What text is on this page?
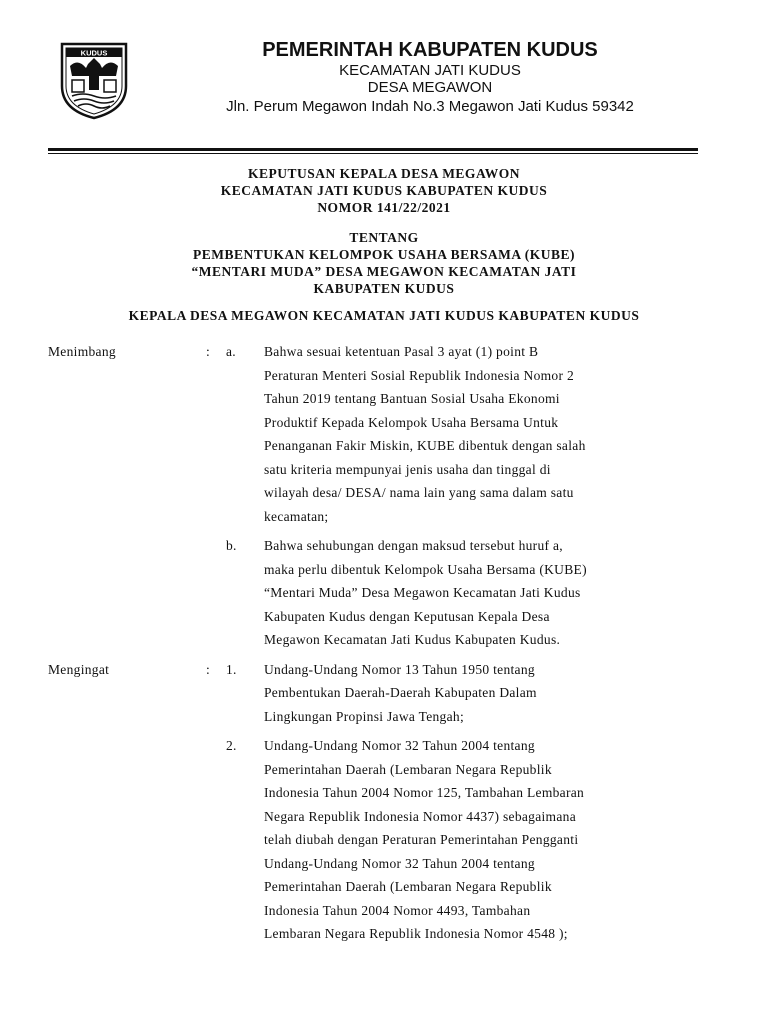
KUDUS	PEMERINTAH KABUPATEN KUDUS
KECAMATAN JATI KUDUS
DESA MEGAWON
Jln. Perum Megawon Indah No.3 Megawon Jati Kudus 59342
KEPUTUSAN KEPALA DESA MEGAWON
KECAMATAN JATI KUDUS KABUPATEN KUDUS
NOMOR 141/22/2021
TENTANG
PEMBENTUKAN KELOMPOK USAHA BERSAMA (KUBE)
“MENTARI MUDA” DESA MEGAWON KECAMATAN JATI
KABUPATEN KUDUS
KEPALA DESA MEGAWON KECAMATAN JATI KUDUS KABUPATEN KUDUS
Menimbang	:	a.	Bahwa sesuai ketentuan Pasal 3 ayat (1) point B
Peraturan Menteri Sosial Republik Indonesia Nomor 2
Tahun 2019 tentang Bantuan Sosial Usaha Ekonomi
Produktif Kepada Kelompok Usaha Bersama Untuk
Penanganan Fakir Miskin, KUBE dibentuk dengan salah
satu kriteria mempunyai jenis usaha dan tinggal di
wilayah desa/ DESA/ nama lain yang sama dalam satu
kecamatan;
b.	Bahwa sehubungan dengan maksud tersebut huruf a,
maka perlu dibentuk Kelompok Usaha Bersama (KUBE)
“Mentari Muda” Desa Megawon Kecamatan Jati Kudus
Kabupaten Kudus dengan Keputusan Kepala Desa
Megawon Kecamatan Jati Kudus Kabupaten Kudus.
Mengingat	:	1.	Undang-Undang Nomor 13 Tahun 1950 tentang
Pembentukan Daerah-Daerah Kabupaten Dalam
Lingkungan Propinsi Jawa Tengah;
2.	Undang-Undang Nomor 32 Tahun 2004 tentang
Pemerintahan Daerah (Lembaran Negara Republik
Indonesia Tahun 2004 Nomor 125, Tambahan Lembaran
Negara Republik Indonesia Nomor 4437) sebagaimana
telah diubah dengan Peraturan Pemerintahan Pengganti
Undang-Undang Nomor 32 Tahun 2004 tentang
Pemerintahan Daerah (Lembaran Negara Republik
Indonesia Tahun 2004 Nomor 4493, Tambahan
Lembaran Negara Republik Indonesia Nomor 4548 );
